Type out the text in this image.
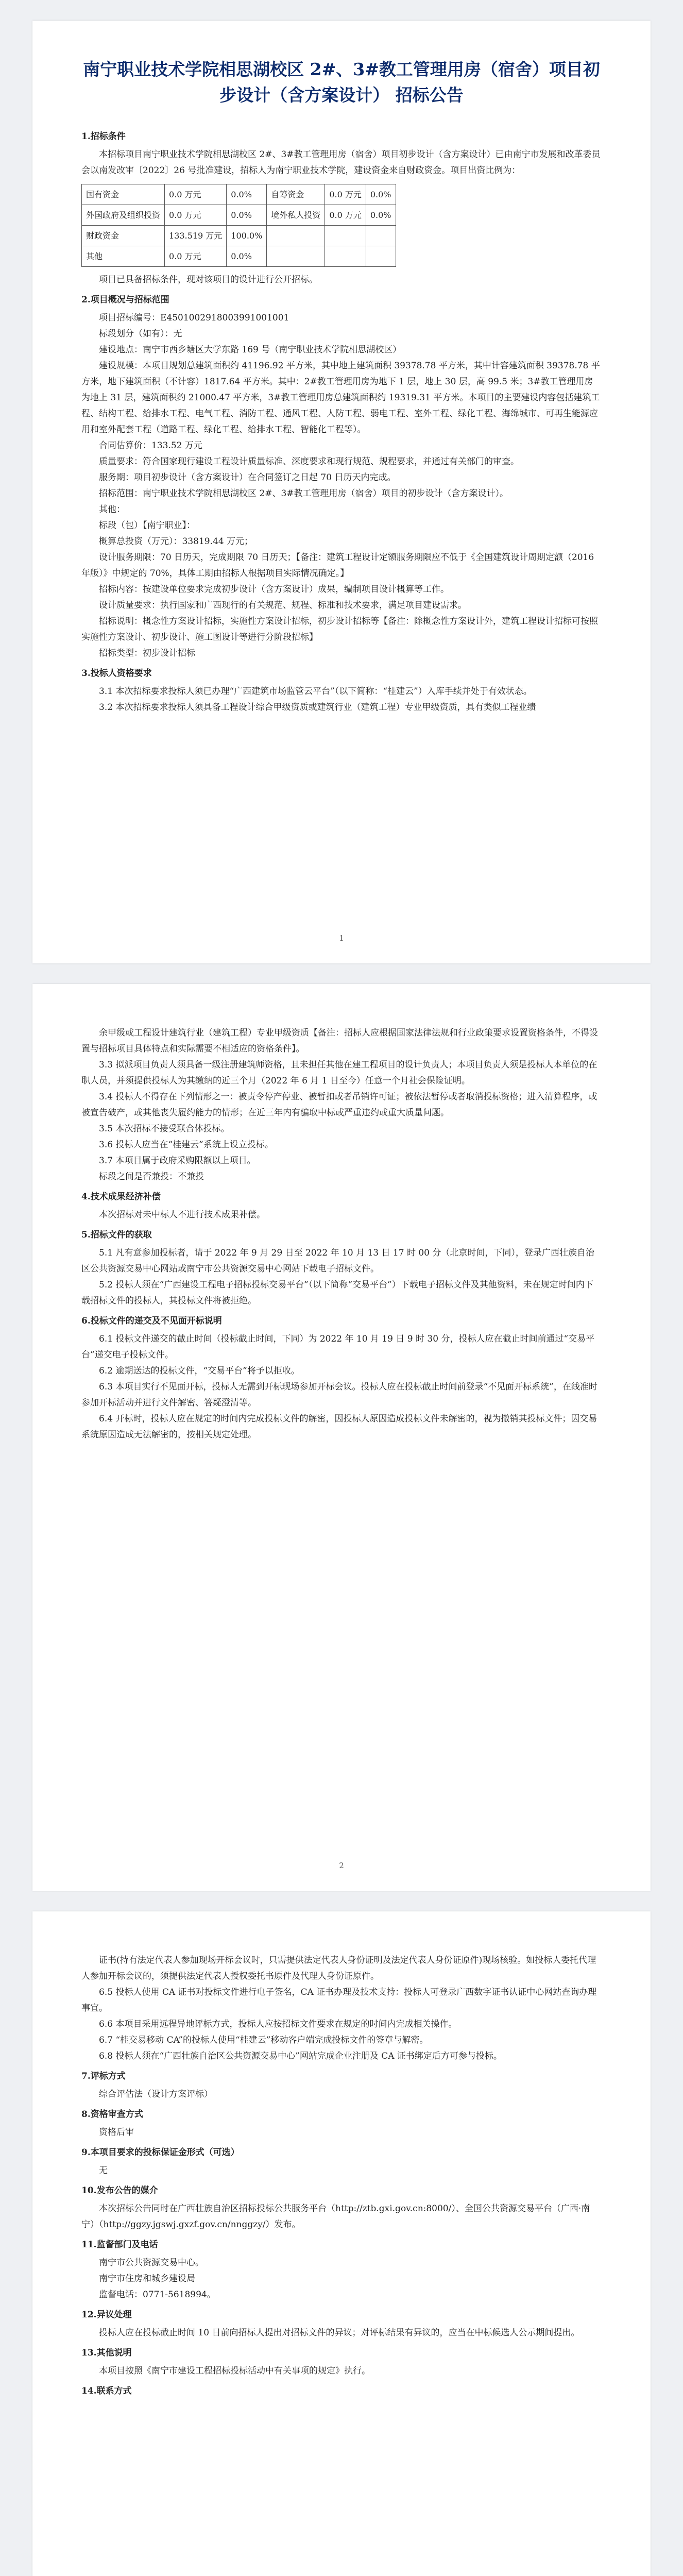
南宁职业技术学院相思湖校区 2#、3#教工管理用房（宿舍）项目初步设计（含方案设计） 招标公告

1.招标条件

本招标项目南宁职业技术学院相思湖校区 2#、3#教工管理用房（宿舍）项目初步设计（含方案设计）已由南宁市发展和改革委员会以南发改审〔2022〕26 号批准建设，招标人为南宁职业技术学院，建设资金来自财政资金。项目出资比例为：

国有资金	0.0 万元	0.0%	自筹资金	0.0 万元	0.0%
外国政府及组织投资	0.0 万元	0.0%	境外私人投资	0.0 万元	0.0%
财政资金	133.519 万元	100.0%			
其他	0.0 万元	0.0%			

项目已具备招标条件，现对该项目的设计进行公开招标。

2.项目概况与招标范围

项目招标编号：E4501002918003991001001

标段划分（如有）：无

建设地点：南宁市西乡塘区大学东路 169 号（南宁职业技术学院相思湖校区）

建设规模：本项目规划总建筑面积约 41196.92 平方米，其中地上建筑面积 39378.78 平方米，其中计容建筑面积 39378.78 平方米，地下建筑面积（不计容）1817.64 平方米。其中：2#教工管理用房为地下 1 层，地上 30 层，高 99.5 米；3#教工管理用房为地上 31 层，建筑面积约 21000.47 平方米，3#教工管理用房总建筑面积约 19319.31 平方米。本项目的主要建设内容包括建筑工程、结构工程、给排水工程、电气工程、消防工程、通风工程、人防工程、弱电工程、室外工程、绿化工程、海绵城市、可再生能源应用和室外配套工程（道路工程、绿化工程、给排水工程、智能化工程等）。

合同估算价：133.52 万元

质量要求：符合国家现行建设工程设计质量标准、深度要求和现行规范、规程要求，并通过有关部门的审查。

服务期：项目初步设计（含方案设计）在合同签订之日起 70 日历天内完成。

招标范围：南宁职业技术学院相思湖校区 2#、3#教工管理用房（宿舍）项目的初步设计（含方案设计）。

其他：

标段（包）【南宁职业】：

概算总投资（万元）：33819.44 万元；

设计服务期限：70 日历天，完成期限 70 日历天；【备注：建筑工程设计定额服务期限应不低于《全国建筑设计周期定额（2016 年版）》中规定的 70%，具体工期由招标人根据项目实际情况确定。】

招标内容：按建设单位要求完成初步设计（含方案设计）成果，编制项目设计概算等工作。

设计质量要求：执行国家和广西现行的有关规范、规程、标准和技术要求，满足项目建设需求。

招标说明：概念性方案设计招标，实施性方案设计招标，初步设计招标等【备注：除概念性方案设计外，建筑工程设计招标可按照实施性方案设计、初步设计、施工图设计等进行分阶段招标】

招标类型：初步设计招标

3.投标人资格要求

3.1 本次招标要求投标人须已办理“广西建筑市场监管云平台”（以下简称：“桂建云”）入库手续并处于有效状态。

3.2 本次招标要求投标人须具备工程设计综合甲级资质或建筑行业（建筑工程）专业甲级资质，具有类似工程业绩

1

余甲级或工程设计建筑行业（建筑工程）专业甲级资质【备注：招标人应根据国家法律法规和行业政策要求设置资格条件，不得设置与招标项目具体特点和实际需要不相适应的资格条件】。

3.3 拟派项目负责人须具备一级注册建筑师资格，且未担任其他在建工程项目的设计负责人；本项目负责人须是投标人本单位的在职人员，并须提供投标人为其缴纳的近三个月（2022 年 6 月 1 日至今）任意一个月社会保险证明。

3.4 投标人不得存在下列情形之一：被责令停产停业、被暂扣或者吊销许可证；被依法暂停或者取消投标资格；进入清算程序，或被宣告破产，或其他丧失履约能力的情形；在近三年内有骗取中标或严重违约或重大质量问题。

3.5 本次招标不接受联合体投标。

3.6 投标人应当在“桂建云”系统上设立投标。

3.7 本项目属于政府采购限额以上项目。

标段之间是否兼投：不兼投

4.技术成果经济补偿

本次招标对未中标人不进行技术成果补偿。

5.招标文件的获取

5.1 凡有意参加投标者，请于 2022 年 9 月 29 日至 2022 年 10 月 13 日 17 时 00 分（北京时间，下同），登录广西壮族自治区公共资源交易中心网站或南宁市公共资源交易中心网站下载电子招标文件。

5.2 投标人须在“广西建设工程电子招标投标交易平台”（以下简称“交易平台”）下载电子招标文件及其他资料，未在规定时间内下载招标文件的投标人，其投标文件将被拒绝。

6.投标文件的递交及不见面开标说明

6.1 投标文件递交的截止时间（投标截止时间，下同）为 2022 年 10 月 19 日 9 时 30 分，投标人应在截止时间前通过“交易平台”递交电子投标文件。

6.2 逾期送达的投标文件，“交易平台”将予以拒收。

6.3 本项目实行不见面开标，投标人无需到开标现场参加开标会议。投标人应在投标截止时间前登录“不见面开标系统”，在线准时参加开标活动并进行文件解密、答疑澄清等。

6.4 开标时，投标人应在规定的时间内完成投标文件的解密，因投标人原因造成投标文件未解密的，视为撤销其投标文件；因交易系统原因造成无法解密的，按相关规定处理。

2

证书(持有法定代表人参加现场开标会议时，只需提供法定代表人身份证明及法定代表人身份证原件)现场核验。如投标人委托代理人参加开标会议的，须提供法定代表人授权委托书原件及代理人身份证原件。

6.5 投标人使用 CA 证书对投标文件进行电子签名，CA 证书办理及技术支持：投标人可登录广西数字证书认证中心网站查询办理事宜。

6.6 本项目采用远程异地评标方式，投标人应按招标文件要求在规定的时间内完成相关操作。

6.7 “桂交易移动 CA”的投标人使用“桂建云”移动客户端完成投标文件的签章与解密。

6.8 投标人须在“广西壮族自治区公共资源交易中心”网站完成企业注册及 CA 证书绑定后方可参与投标。

7.评标方式

综合评估法（设计方案评标）

8.资格审查方式

资格后审

9.本项目要求的投标保证金形式（可选）

无

10.发布公告的媒介

本次招标公告同时在广西壮族自治区招标投标公共服务平台（http://ztb.gxi.gov.cn:8000/）、全国公共资源交易平台（广西·南宁）（http://ggzy.jgswj.gxzf.gov.cn/nnggzy/）发布。

11.监督部门及电话

南宁市公共资源交易中心。

南宁市住房和城乡建设局

监督电话：0771-5618994。

12.异议处理

投标人应在投标截止时间 10 日前向招标人提出对招标文件的异议；对评标结果有异议的，应当在中标候选人公示期间提出。

13.其他说明

本项目按照《南宁市建设工程招标投标活动中有关事项的规定》执行。

14.联系方式
